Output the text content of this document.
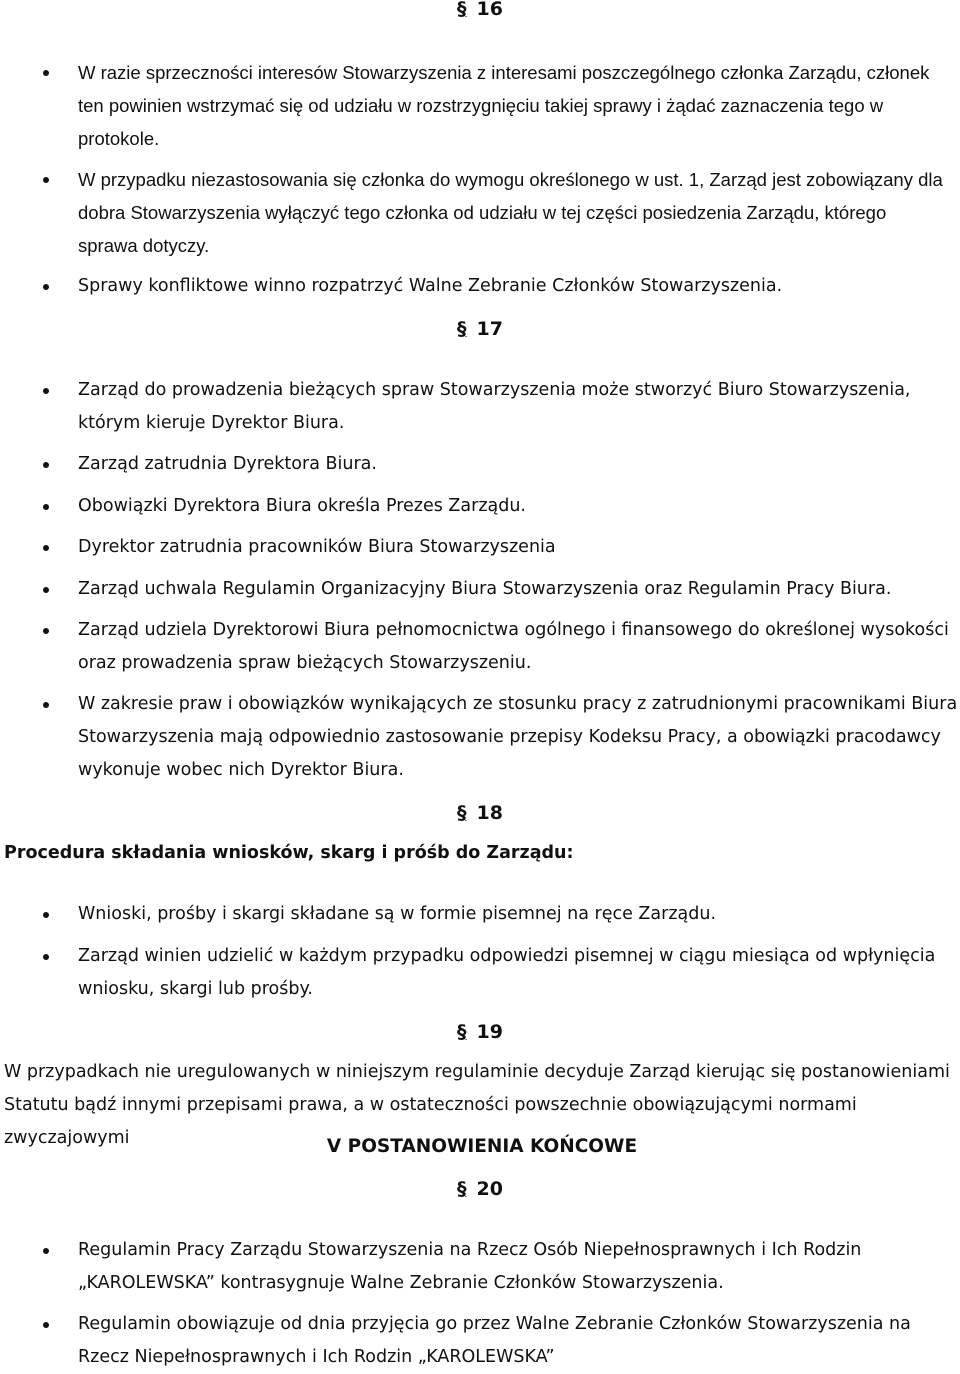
§ 16
W razie sprzeczności interesów Stowarzyszenia z interesami poszczególnego członka Zarządu, członek ten powinien wstrzymać się od udziału w rozstrzygnięciu takiej sprawy i żądać zaznaczenia tego w protokole.
W przypadku niezastosowania się członka do wymogu określonego w ust. 1, Zarząd jest zobowiązany dla dobra Stowarzyszenia wyłączyć tego członka od udziału w tej części posiedzenia Zarządu, którego sprawa dotyczy.
Sprawy konfliktowe winno rozpatrzyć Walne Zebranie Członków Stowarzyszenia.
§ 17
Zarząd do prowadzenia bieżących spraw Stowarzyszenia może stworzyć Biuro Stowarzyszenia, którym kieruje Dyrektor Biura.
Zarząd zatrudnia Dyrektora Biura.
Obowiązki Dyrektora Biura określa Prezes Zarządu.
Dyrektor zatrudnia pracowników Biura Stowarzyszenia
Zarząd uchwala Regulamin Organizacyjny Biura Stowarzyszenia oraz Regulamin Pracy Biura.
Zarząd udziela Dyrektorowi Biura pełnomocnictwa ogólnego i finansowego do określonej wysokości oraz prowadzenia spraw bieżących Stowarzyszeniu.
W zakresie praw i obowiązków wynikających ze stosunku pracy z zatrudnionymi pracownikami Biura Stowarzyszenia mają odpowiednio zastosowanie przepisy Kodeksu Pracy, a obowiązki pracodawcy wykonuje wobec nich Dyrektor Biura.
§ 18
Procedura składania wniosków, skarg i próśb do Zarządu:
Wnioski, prośby i skargi składane są w formie pisemnej na ręce Zarządu.
Zarząd winien udzielić w każdym przypadku odpowiedzi pisemnej w ciągu miesiąca od wpłynięcia wniosku, skargi lub prośby.
§ 19
W przypadkach nie uregulowanych w niniejszym regulaminie decyduje Zarząd kierując się postanowieniami Statutu bądź innymi przepisami prawa, a w ostateczności powszechnie obowiązującymi normami zwyczajowymi	V POSTANOWIENIA KOŃCOWE
§ 20
Regulamin Pracy Zarządu Stowarzyszenia na Rzecz Osób Niepełnosprawnych i Ich Rodzin „KAROLEWSKA” kontrasygnuje Walne Zebranie Członków Stowarzyszenia.
Regulamin obowiązuje od dnia przyjęcia go przez Walne Zebranie Członków Stowarzyszenia na Rzecz Niepełnosprawnych i Ich Rodzin „KAROLEWSKA”
